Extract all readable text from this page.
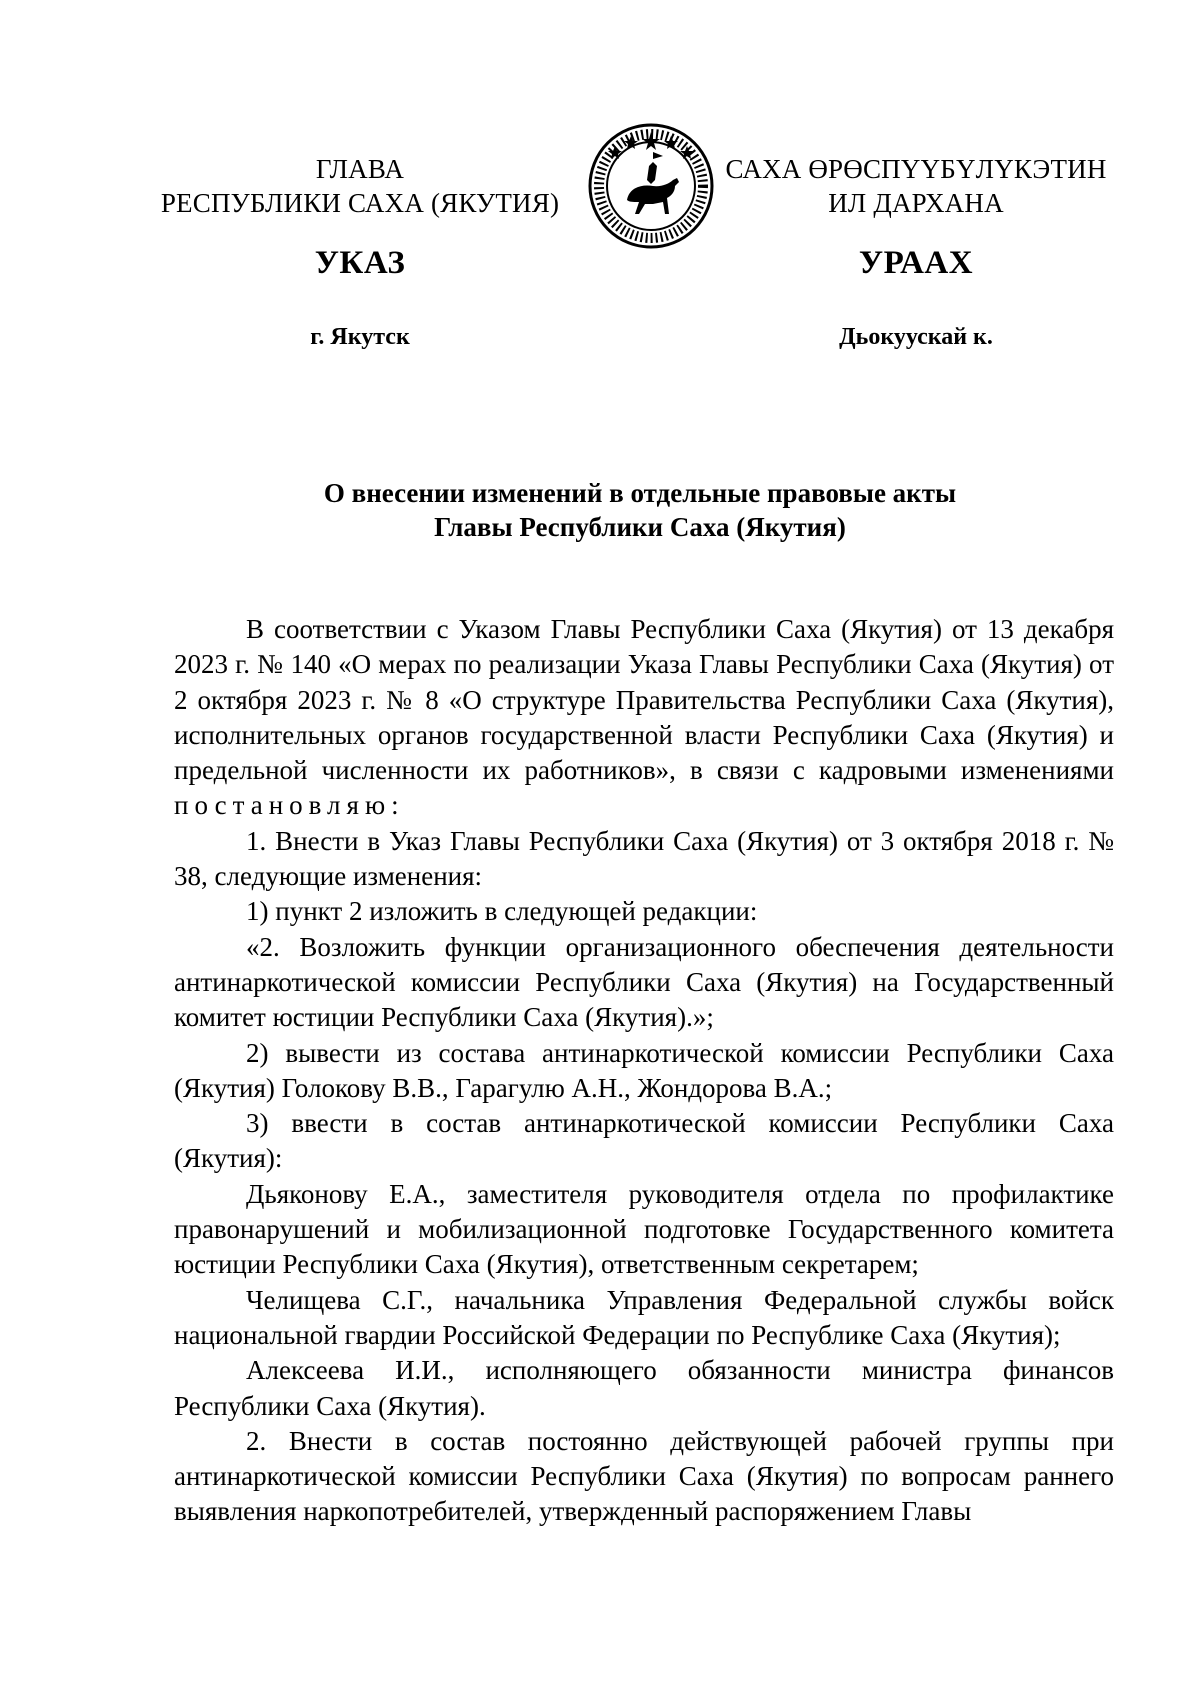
ГЛАВА
РЕСПУБЛИКИ САХА (ЯКУТИЯ)
САХА ӨРӨСПҮҮБҮЛҮКЭТИН
ИЛ ДАРХАНА
УКАЗ	УРААХ
г. Якутск	Дьокуускай к.
О внесении изменений в отдельные правовые акты
Главы Республики Саха (Якутия)

В соответствии с Указом Главы Республики Саха (Якутия) от 13 декабря 2023 г. № 140 «О мерах по реализации Указа Главы Республики Саха (Якутия) от 2 октября 2023 г. № 8 «О структуре Правительства Республики Саха (Якутия), исполнительных органов государственной власти Республики Саха (Якутия) и предельной численности их работников», в связи с кадровыми изменениями постановляю:

1. Внести в Указ Главы Республики Саха (Якутия) от 3 октября 2018 г. № 38, следующие изменения:

1) пункт 2 изложить в следующей редакции:

«2. Возложить функции организационного обеспечения деятельности антинаркотической комиссии Республики Саха (Якутия) на Государственный комитет юстиции Республики Саха (Якутия).»;

2) вывести из состава антинаркотической комиссии Республики Саха (Якутия) Голокову В.В., Гарагулю А.Н., Жондорова В.А.;

3) ввести в состав антинаркотической комиссии Республики Саха (Якутия):

Дьяконову Е.А., заместителя руководителя отдела по профилактике правонарушений и мобилизационной подготовке Государственного комитета юстиции Республики Саха (Якутия), ответственным секретарем;

Челищева С.Г., начальника Управления Федеральной службы войск национальной гвардии Российской Федерации по Республике Саха (Якутия);

Алексеева И.И., исполняющего обязанности министра финансов Республики Саха (Якутия).

2. Внести в состав постоянно действующей рабочей группы при антинаркотической комиссии Республики Саха (Якутия) по вопросам раннего выявления наркопотребителей, утвержденный распоряжением Главы
